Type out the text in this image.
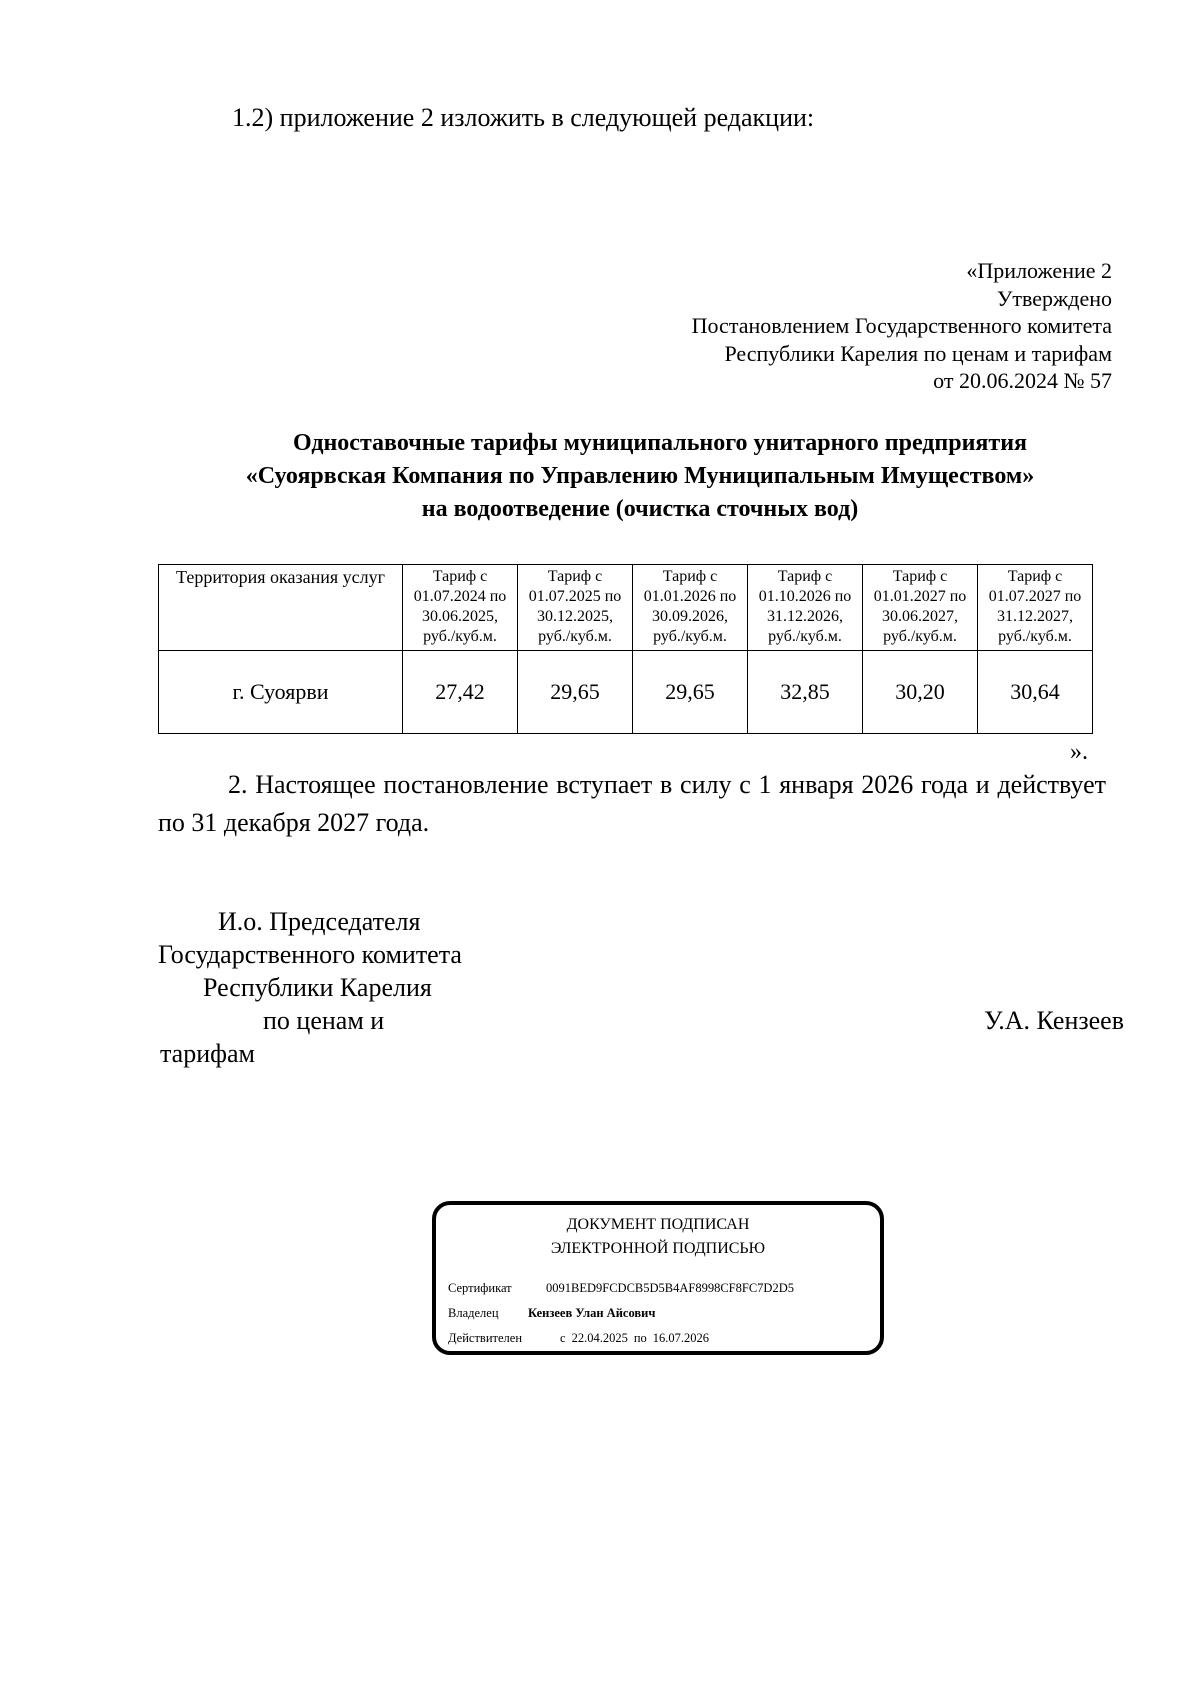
1.2) приложение 2 изложить в следующей редакции:
«Приложение 2
Утверждено
Постановлением Государственного комитета
Республики Карелия по ценам и тарифам
от 20.06.2024 № 57
Одноставочные тарифы муниципального унитарного предприятия
«Суоярвская Компания по Управлению Муниципальным Имуществом»
на водоотведение (очистка сточных вод)
Территория оказания услуг	Тариф с
01.07.2024 по
30.06.2025,
руб./куб.м.	Тариф с
01.07.2025 по
30.12.2025,
руб./куб.м.	Тариф с
01.01.2026 по
30.09.2026,
руб./куб.м.	Тариф с
01.10.2026 по
31.12.2026,
руб./куб.м.	Тариф с
01.01.2027 по
30.06.2027,
руб./куб.м.	Тариф с
01.07.2027 по
31.12.2027,
руб./куб.м.

г. Суоярви	27,42	29,65	29,65	32,85	30,20	30,64
».
2. Настоящее постановление вступает в силу с 1 января 2026 года и действует по 31 декабря 2027 года.
И.о. Председателя
Государственного комитета
Республики Карелия
по ценам и
тарифам
У.А. Кензеев
ДОКУМЕНТ ПОДПИСАН
ЭЛЕКТРОННОЙ ПОДПИСЬЮ
Сертификат	0091BED9FCDCB5D5B4AF8998CF8FC7D2D5
Владелец Кензеев Улан Айсович
Действителен	с 22.04.2025 по 16.07.2026
